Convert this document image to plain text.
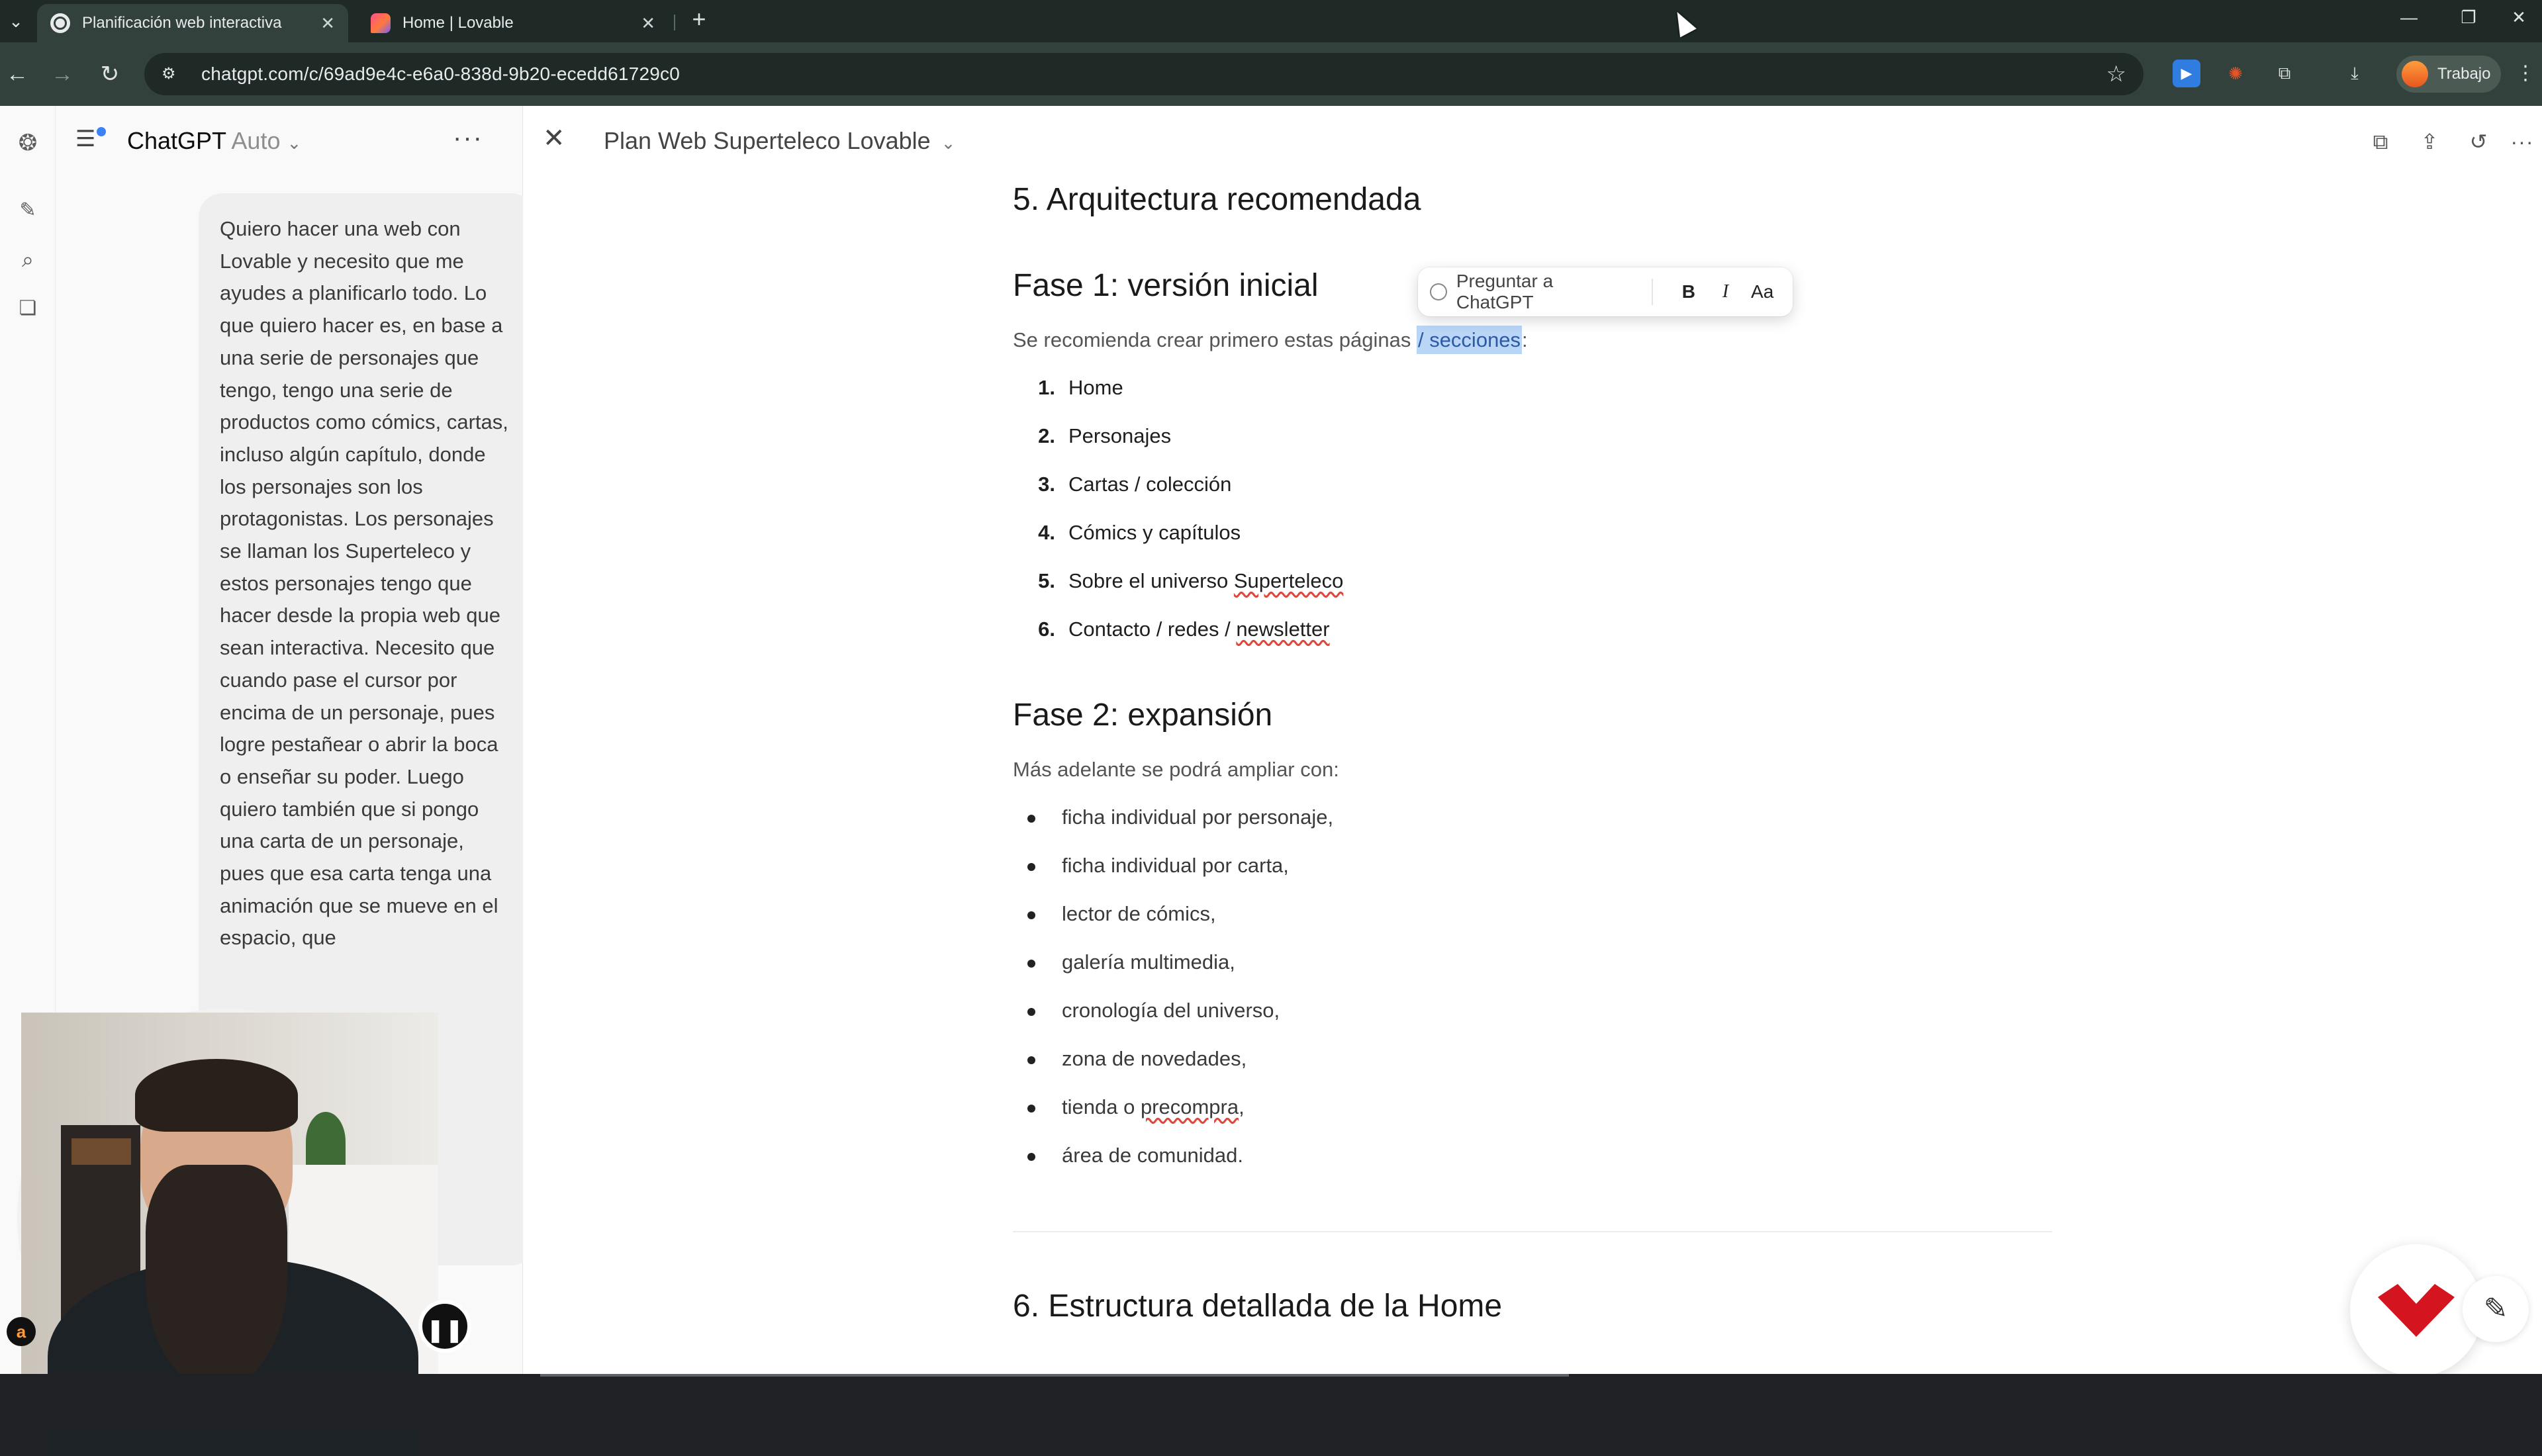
⌄	Planificación web interactiva	✕	Home | Lovable	✕	+	—	❐	✕
← → ↻	⚙	chatgpt.com/c/69ad9e4c-e6a0-838d-9b20-ecedd61729c0	☆	▶	✺	⧉	⤓	Trabajo ⋮
❂
✎
⌕
❏
☰	ChatGPT Auto ⌄	···

Quiero hacer una web con Lovable y necesito que me ayudes a planificarlo todo. Lo que quiero hacer es, en base a una serie de personajes que tengo, tengo una serie de productos como cómics, cartas, incluso algún capítulo, donde los personajes son los protagonistas. Los personajes se llaman los Superteleco y estos personajes tengo que hacer desde la propia web que sean interactiva. Necesito que cuando pase el cursor por encima de un personaje, pues logre pestañear o abrir la boca o enseñar su poder. Luego quiero también que si pongo una carta de un personaje, pues que esa carta tenga una animación que se mueve en el espacio, que

✕ Plan Web Superteleco Lovable ⌄	⧉	⇪	↺	···
5. Arquitectura recomendada
Fase 1: versión inicial
Se recomienda crear primero estas páginas / secciones:
1. Home
2. Personajes
3. Cartas / colección
4. Cómics y capítulos
5. Sobre el universo Superteleco
6. Contacto / redes / newsletter
Fase 2: expansión
Más adelante se podrá ampliar con:
ficha individual por personaje,
ficha individual por carta,
lector de cómics,
galería multimedia,
cronología del universo,
zona de novedades,
tienda o precompra,
área de comunidad.
6. Estructura detallada de la Home
Preguntar a ChatGPT
B	I	Aa
✎
❚❚
a
